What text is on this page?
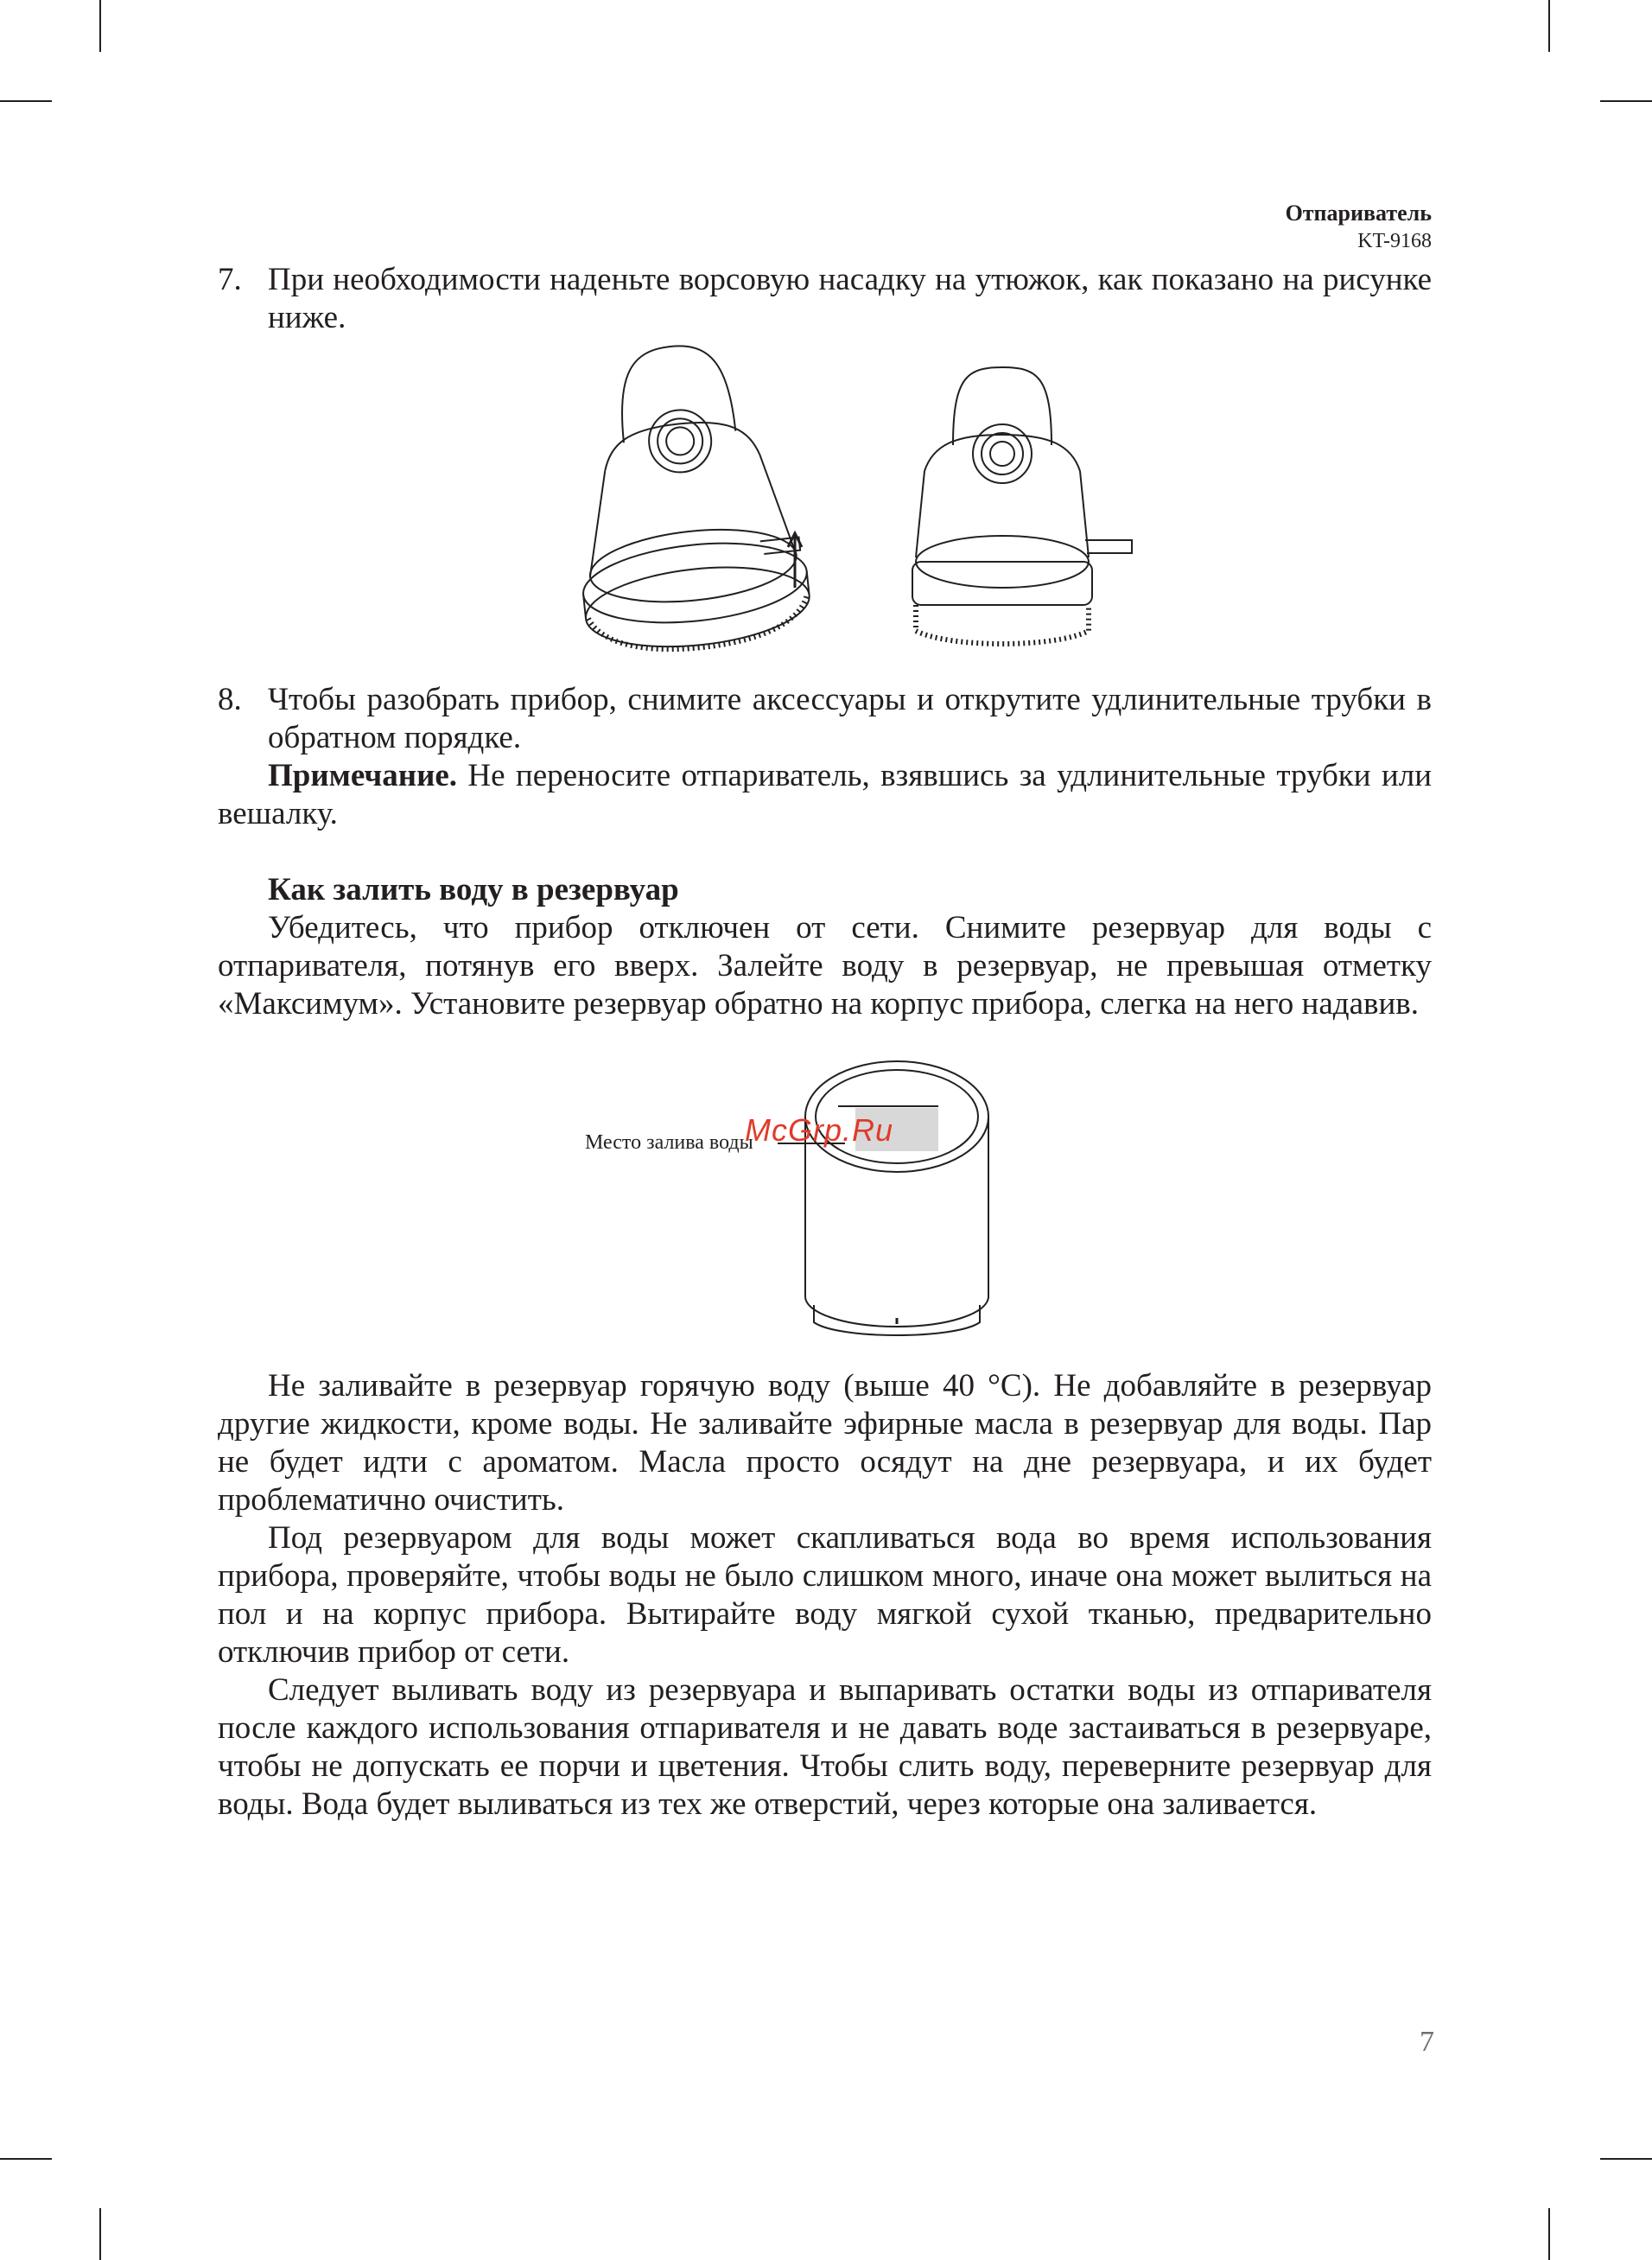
Отпариватель
KT-9168

7. При необходимости наденьте ворсовую насадку на утюжок, как показано на рисунке ниже.

8. Чтобы разобрать прибор, снимите аксессуары и открутите удлинительные трубки в обратном порядке.

Примечание. Не переносите отпариватель, взявшись за удлинительные трубки или вешалку.

Как залить воду в резервуар

Убедитесь, что прибор отключен от сети. Снимите резервуар для воды с отпаривателя, потянув его вверх. Залейте воду в резервуар, не превышая отметку «Максимум». Установите резервуар обратно на корпус прибора, слегка на него надавив.

Место залива воды
McGrp.Ru

Не заливайте в резервуар горячую воду (выше 40 °C). Не добавляйте в резервуар другие жидкости, кроме воды. Не заливайте эфирные масла в резервуар для воды. Пар не будет идти с ароматом. Масла просто осядут на дне резервуара, и их будет проблематично очистить.

Под резервуаром для воды может скапливаться вода во время использования прибора, проверяйте, чтобы воды не было слишком много, иначе она может вылиться на пол и на корпус прибора. Вытирайте воду мягкой сухой тканью, предварительно отключив прибор от сети.

Следует выливать воду из резервуара и выпаривать остатки воды из отпаривателя после каждого использования отпаривателя и не давать воде застаиваться в резервуаре, чтобы не допускать ее порчи и цветения. Чтобы слить воду, переверните резервуар для воды. Вода будет выливаться из тех же отверстий, через которые она заливается.

7
